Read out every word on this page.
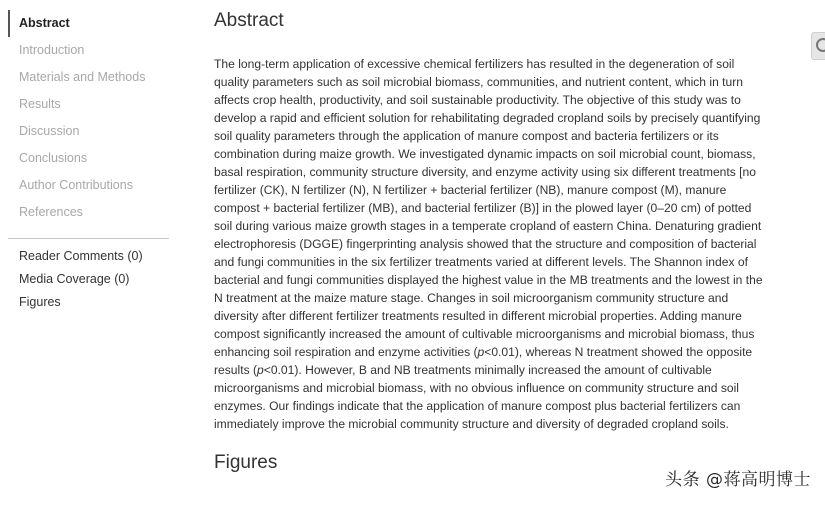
Abstract
Introduction
Materials and Methods
Results
Discussion
Conclusions
Author Contributions
References
Reader Comments (0)
Media Coverage (0)
Figures
Abstract

The long-term application of excessive chemical fertilizers has resulted in the degeneration of soil quality parameters such as soil microbial biomass, communities, and nutrient content, which in turn affects crop health, productivity, and soil sustainable productivity. The objective of this study was to develop a rapid and efficient solution for rehabilitating degraded cropland soils by precisely quantifying soil quality parameters through the application of manure compost and bacteria fertilizers or its combination during maize growth. We investigated dynamic impacts on soil microbial count, biomass, basal respiration, community structure diversity, and enzyme activity using six different treatments [no fertilizer (CK), N fertilizer (N), N fertilizer + bacterial fertilizer (NB), manure compost (M), manure compost + bacterial fertilizer (MB), and bacterial fertilizer (B)] in the plowed layer (0–20 cm) of potted soil during various maize growth stages in a temperate cropland of eastern China. Denaturing gradient electrophoresis (DGGE) fingerprinting analysis showed that the structure and composition of bacterial and fungi communities in the six fertilizer treatments varied at different levels. The Shannon index of bacterial and fungi communities displayed the highest value in the MB treatments and the lowest in the N treatment at the maize mature stage. Changes in soil microorganism community structure and diversity after different fertilizer treatments resulted in different microbial properties. Adding manure compost significantly increased the amount of cultivable microorganisms and microbial biomass, thus enhancing soil respiration and enzyme activities (p<0.01), whereas N treatment showed the opposite results (p<0.01). However, B and NB treatments minimally increased the amount of cultivable microorganisms and microbial biomass, with no obvious influence on community structure and soil enzymes. Our findings indicate that the application of manure compost plus bacterial fertilizers can immediately improve the microbial community structure and diversity of degraded cropland soils.

Figures
头条 @蒋高明博士
